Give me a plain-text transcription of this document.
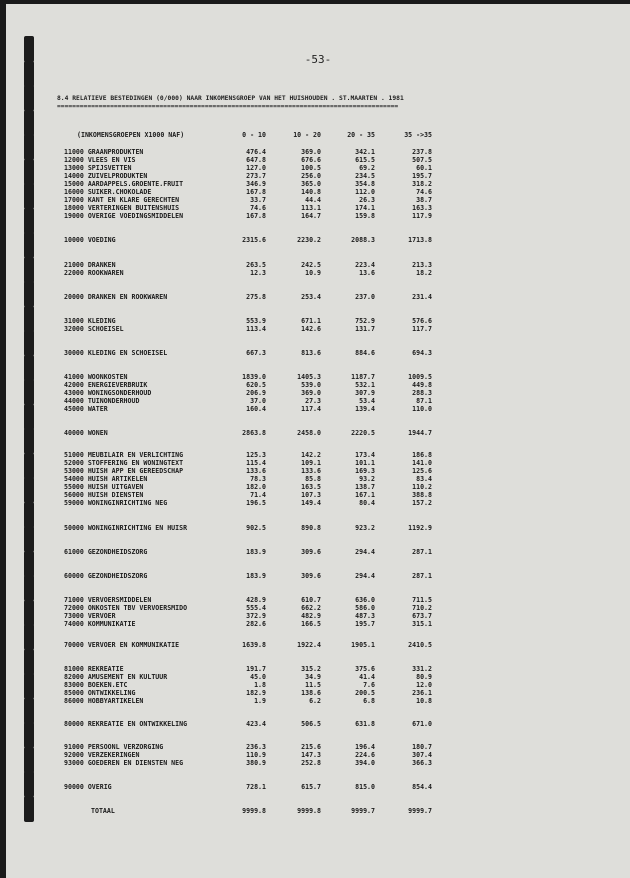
-53-
8.4 RELATIEVE BESTEDINGEN (0/000) NAAR INKOMENSGROEP VAN HET HUISHOUDEN . ST.MAARTEN . 1981
==========================================================================================
(INKOMENSGROEPEN X1000 NAF)	0 - 10	10 - 20	20 - 35	35 ->35
11000 GRAANPRODUKTEN	476.4	369.0	342.1	237.8
12000 VLEES EN VIS	647.8	676.6	615.5	507.5
13000 SPIJSVETTEN	127.0	100.5	69.2	60.1
14000 ZUIVELPRODUKTEN	273.7	256.0	234.5	195.7
15000 AARDAPPELS.GROENTE.FRUIT	346.9	365.0	354.8	318.2
16000 SUIKER.CHOKOLADE	167.8	140.8	112.0	74.6
17000 KANT EN KLARE GERECHTEN	33.7	44.4	26.3	38.7
18000 VERTERINGEN BUITENSHUIS	74.6	113.1	174.1	163.3
19000 OVERIGE VOEDINGSMIDDELEN	167.8	164.7	159.8	117.9
10000 VOEDING	2315.6	2230.2	2088.3	1713.8
21000 DRANKEN	263.5	242.5	223.4	213.3
22000 ROOKWAREN	12.3	10.9	13.6	18.2
20000 DRANKEN EN ROOKWAREN	275.8	253.4	237.0	231.4
31000 KLEDING	553.9	671.1	752.9	576.6
32000 SCHOEISEL	113.4	142.6	131.7	117.7
30000 KLEDING EN SCHOEISEL	667.3	813.6	884.6	694.3
41000 WOONKOSTEN	1839.0	1405.3	1187.7	1009.5
42000 ENERGIEVERBRUIK	620.5	539.0	532.1	449.8
43000 WONINGSONDERHOUD	206.9	369.0	307.9	288.3
44000 TUINONDERHOUD	37.0	27.3	53.4	87.1
45000 WATER	160.4	117.4	139.4	110.0
40000 WONEN	2863.8	2458.0	2220.5	1944.7
51000 MEUBILAIR EN VERLICHTING	125.3	142.2	173.4	186.8
52000 STOFFERING EN WONINGTEXT	115.4	109.1	101.1	141.0
53000 HUISH APP EN GEREEDSCHAP	133.6	133.6	169.3	125.6
54000 HUISH ARTIKELEN	78.3	85.8	93.2	83.4
55000 HUISH UITGAVEN	182.0	163.5	138.7	110.2
56000 HUISH DIENSTEN	71.4	107.3	167.1	388.8
59000 WONINGINRICHTING NEG	196.5	149.4	80.4	157.2
50000 WONINGINRICHTING EN HUISR	902.5	890.8	923.2	1192.9
61000 GEZONDHEIDSZORG	183.9	309.6	294.4	287.1
60000 GEZONDHEIDSZORG	183.9	309.6	294.4	287.1
71000 VERVOERSMIDDELEN	428.9	610.7	636.0	711.5
72000 ONKOSTEN TBV VERVOERSMIDO	555.4	662.2	586.0	710.2
73000 VERVOER	372.9	482.9	487.3	673.7
74000 KOMMUNIKATIE	282.6	166.5	195.7	315.1
70000 VERVOER EN KOMMUNIKATIE	1639.8	1922.4	1905.1	2410.5
81000 REKREATIE	191.7	315.2	375.6	331.2
82000 AMUSEMENT EN KULTUUR	45.0	34.9	41.4	80.9
83000 BOEKEN.ETC	1.8	11.5	7.6	12.0
85000 ONTWIKKELING	182.9	138.6	200.5	236.1
86000 HOBBYARTIKELEN	1.9	6.2	6.8	10.8
80000 REKREATIE EN ONTWIKKELING	423.4	506.5	631.8	671.0
91000 PERSOONL VERZORGING	236.3	215.6	196.4	180.7
92000 VERZEKERINGEN	110.9	147.3	224.6	307.4
93000 GOEDEREN EN DIENSTEN NEG	380.9	252.8	394.0	366.3
90000 OVERIG	728.1	615.7	815.0	854.4
TOTAAL	9999.8	9999.8	9999.7	9999.7
